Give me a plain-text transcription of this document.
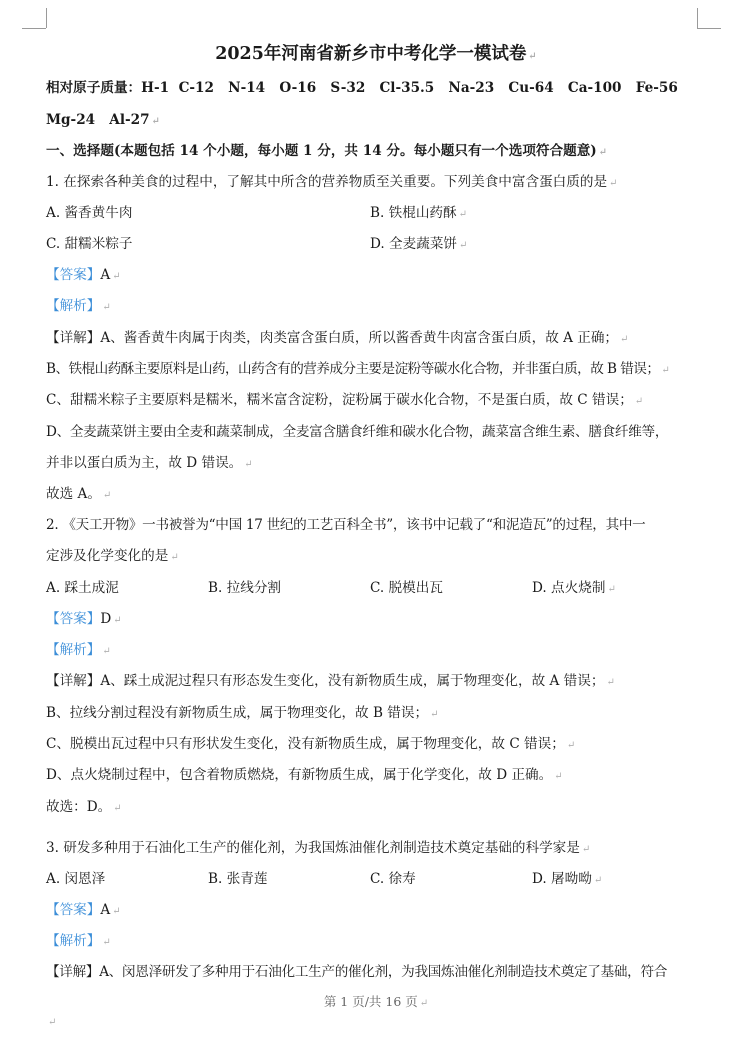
2025年河南省新乡市中考化学一模试卷 ↵
相对原子质量：H-1  C-12   N-14   O-16   S-32   Cl-35.5   Na-23   Cu-64   Ca-100   Fe-56
Mg-24   Al-27 ↵
一、选择题(本题包括 14 个小题，每小题 1 分，共 14 分。每小题只有一个选项符合题意) ↵
1. 在探索各种美食的过程中，了解其中所含的营养物质至关重要。下列美食中富含蛋白质的是 ↵
A. 酱香黄牛肉	B. 铁棍山药酥 ↵
C. 甜糯米粽子	D. 全麦蔬菜饼 ↵
【答案】A ↵
【解析】 ↵
【详解】A、酱香黄牛肉属于肉类，肉类富含蛋白质，所以酱香黄牛肉富含蛋白质，故 A 正确； ↵
B、铁棍山药酥主要原料是山药，山药含有的营养成分主要是淀粉等碳水化合物，并非蛋白质，故 B 错误； ↵
C、甜糯米粽子主要原料是糯米，糯米富含淀粉，淀粉属于碳水化合物，不是蛋白质，故 C 错误； ↵
D、全麦蔬菜饼主要由全麦和蔬菜制成，全麦富含膳食纤维和碳水化合物，蔬菜富含维生素、膳食纤维等，
并非以蛋白质为主，故 D 错误。 ↵
故选 A。 ↵
2. 《天工开物》一书被誉为“中国 17 世纪的工艺百科全书”，该书中记载了“和泥造瓦”的过程，其中一
定涉及化学变化的是 ↵
A. 踩土成泥	B. 拉线分割	C. 脱模出瓦	D. 点火烧制 ↵
【答案】D ↵
【解析】 ↵
【详解】A、踩土成泥过程只有形态发生变化，没有新物质生成，属于物理变化，故 A 错误； ↵
B、拉线分割过程没有新物质生成，属于物理变化，故 B 错误； ↵
C、脱模出瓦过程中只有形状发生变化，没有新物质生成，属于物理变化，故 C 错误； ↵
D、点火烧制过程中，包含着物质燃烧，有新物质生成，属于化学变化，故 D 正确。 ↵
故选：D。 ↵
3. 研发多种用于石油化工生产的催化剂，为我国炼油催化剂制造技术奠定基础的科学家是 ↵
A. 闵恩泽	B. 张青莲	C. 徐寿	D. 屠呦呦 ↵
【答案】A ↵
【解析】 ↵
【详解】A、闵恩泽研发了多种用于石油化工生产的催化剂，为我国炼油催化剂制造技术奠定了基础，符合
第 1 页/共 16 页 ↵
↵
